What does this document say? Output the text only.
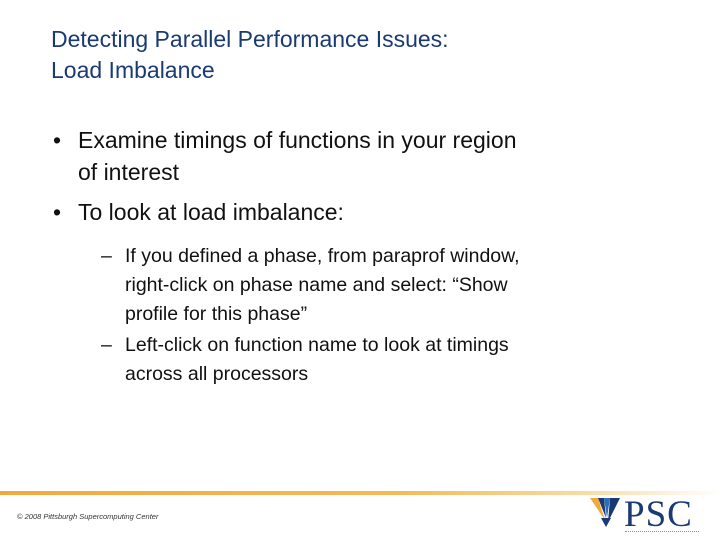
Detecting Parallel Performance Issues:
Load Imbalance
• Examine timings of functions in your region
of interest
• To look at load imbalance:
– If you defined a phase, from paraprof window,
right-click on phase name and select: “Show
profile for this phase”
– Left-click on function name to look at timings
across all processors
© 2008 Pittsburgh Supercomputing Center	PSC
